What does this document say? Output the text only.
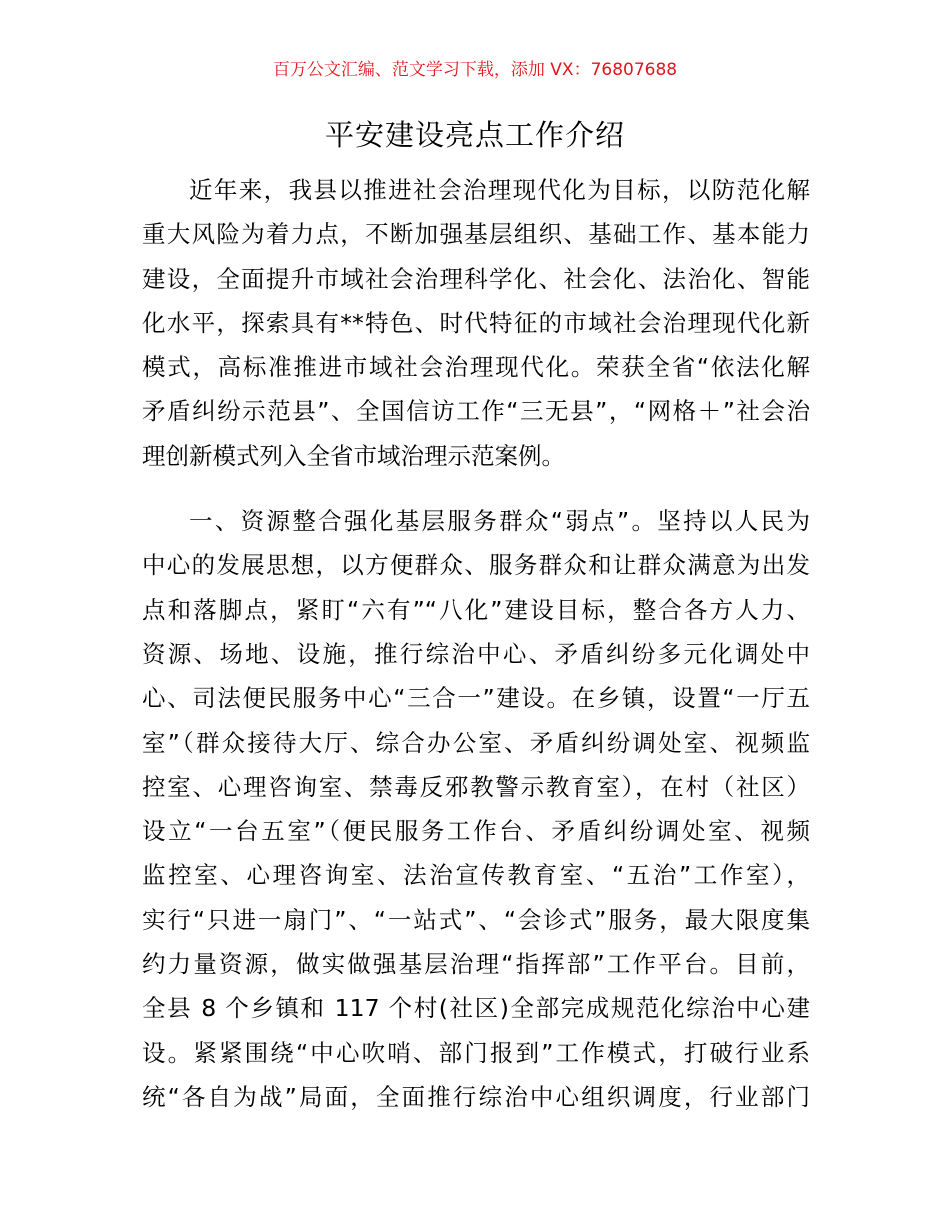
百万公文汇编、范文学习下载，添加 VX：76807688
平安建设亮点工作介绍
近年来，我县以推进社会治理现代化为目标，以防范化解
重大风险为着力点，不断加强基层组织、基础工作、基本能力
建设，全面提升市域社会治理科学化、社会化、法治化、智能
化水平，探索具有**特色、时代特征的市域社会治理现代化新
模式，高标准推进市域社会治理现代化。荣获全省“依法化解
矛盾纠纷示范县”、全国信访工作“三无县”，“网格＋”社会治
理创新模式列入全省市域治理示范案例。
一、资源整合强化基层服务群众“弱点”。坚持以人民为
中心的发展思想，以方便群众、服务群众和让群众满意为出发
点和落脚点，紧盯“六有”“八化”建设目标，整合各方人力、
资源、场地、设施，推行综治中心、矛盾纠纷多元化调处中
心、司法便民服务中心“三合一”建设。在乡镇，设置“一厅五
室”（群众接待大厅、综合办公室、矛盾纠纷调处室、视频监
控室、心理咨询室、禁毒反邪教警示教育室），在村（社区）
设立“一台五室”（便民服务工作台、矛盾纠纷调处室、视频
监控室、心理咨询室、法治宣传教育室、“五治”工作室），
实行“只进一扇门”、“一站式”、“会诊式”服务，最大限度集
约力量资源，做实做强基层治理“指挥部”工作平台。目前，
全县 8 个乡镇和 117 个村(社区)全部完成规范化综治中心建
设。紧紧围绕“中心吹哨、部门报到”工作模式，打破行业系
统“各自为战”局面，全面推行综治中心组织调度，行业部门
